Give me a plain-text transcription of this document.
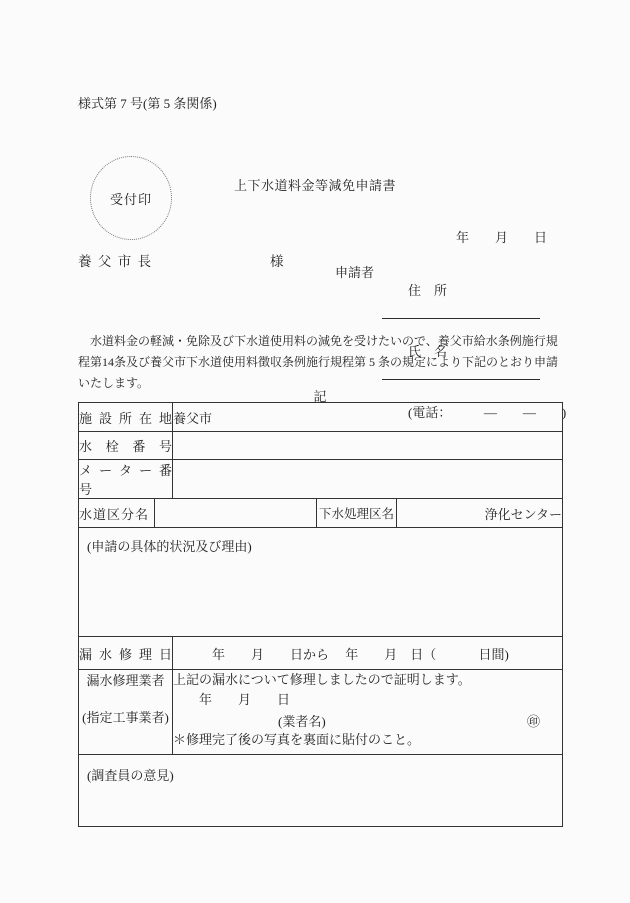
様式第 7 号(第 5 条関係)
受付印
上下水道料金等減免申請書
年　　月　　日
養 父 市 長	様
申請者

住　所

氏　名

(電話：　　　―　　―　　)

　水道料金の軽減・免除及び下水道使用料の減免を受けたいので、養父市給水条例施行規
程第14条及び養父市下水道使用料徴収条例施行規程第 5 条の規定により下記のとおり申請
いたします。
記
施 設 所 在 地		養父市		
水 栓 番 号				
メ ー タ ー 番 号				
水道区分名			下水処理区名	浄化センター
(申請の具体的状況及び理由)				
漏 水 修 理 日		　　　年　　月　　日から　 年　　月　日（　　　 日間)		

漏水修理業者
(指定工事業者)

上記の漏水について修理しましたので証明します。
　　年　　月　　日
(業者名)	㊞
＊修理完了後の写真を裏面に貼付のこと。

(調査員の意見)				
